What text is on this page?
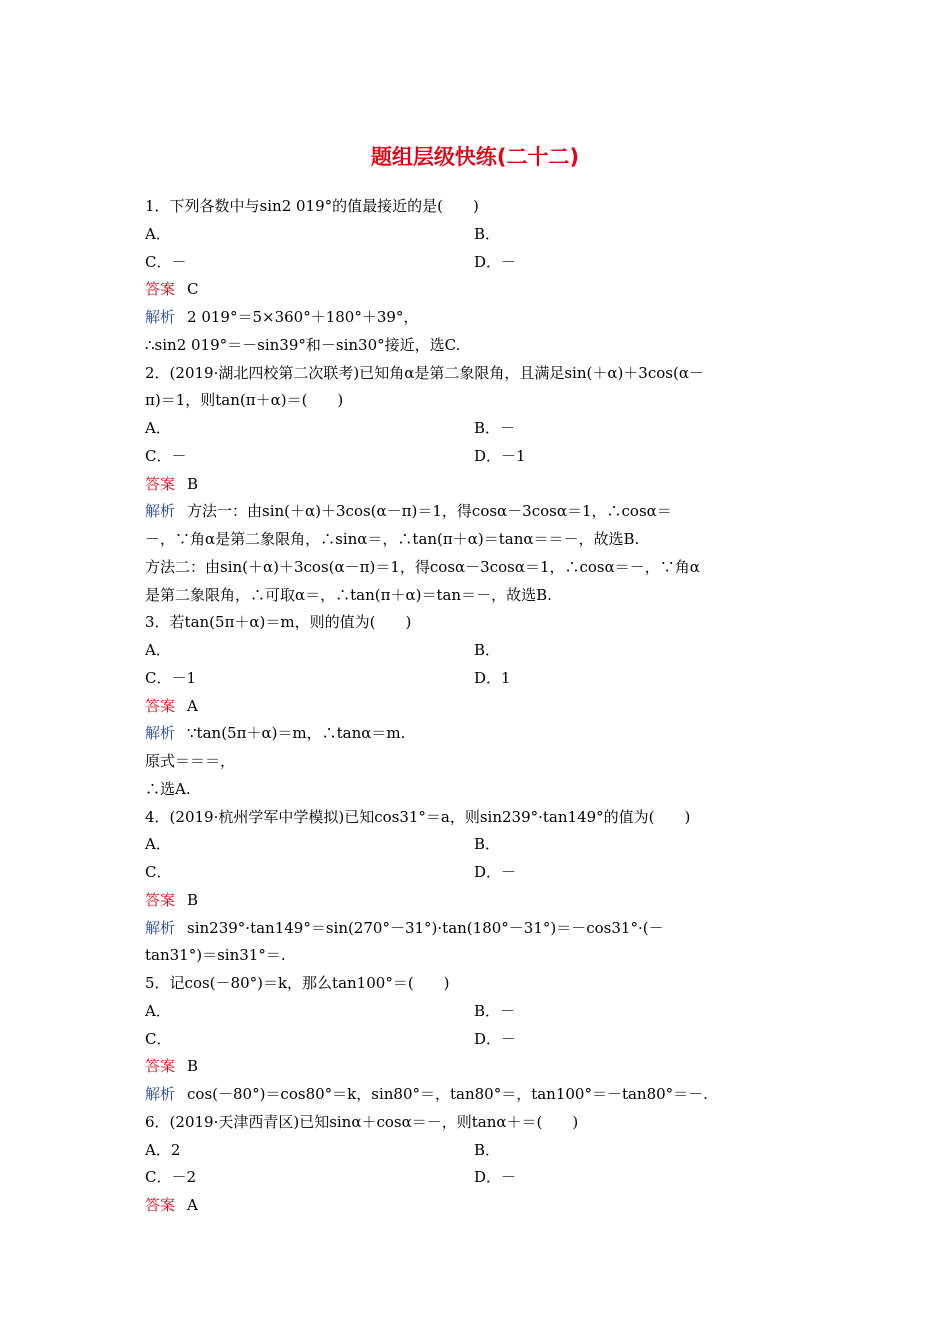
题组层级快练(二十二)
1．下列各数中与sin2 019°的值最接近的是(　　)
A．	B．
C．－	D．－
答案 C
解析 2 019°＝5×360°＋180°＋39°，
∴sin2 019°＝－sin39°和－sin30°接近，选C.
2．(2019·湖北四校第二次联考)已知角α是第二象限角，且满足sin(＋α)＋3cos(α－
π)＝1，则tan(π＋α)＝(　　)
A．	B．－
C．－	D．－1
答案 B
解析 方法一：由sin(＋α)＋3cos(α－π)＝1，得cosα－3cosα＝1，∴cosα＝
－，∵角α是第二象限角，∴sinα＝，∴tan(π＋α)＝tanα＝＝－，故选B.
方法二：由sin(＋α)＋3cos(α－π)＝1，得cosα－3cosα＝1，∴cosα＝－，∵角α
是第二象限角，∴可取α＝，∴tan(π＋α)＝tan＝－，故选B.
3．若tan(5π＋α)＝m，则的值为(　　)
A．	B．
C．－1	D．1
答案 A
解析 ∵tan(5π＋α)＝m，∴tanα＝m.
原式＝＝＝，
∴选A.
4．(2019·杭州学军中学模拟)已知cos31°＝a，则sin239°·tan149°的值为(　　)
A．	B．
C．	D．－
答案 B
解析 sin239°·tan149°＝sin(270°－31°)·tan(180°－31°)＝－cos31°·(－
tan31°)＝sin31°＝.
5．记cos(－80°)＝k，那么tan100°＝(　　)
A．	B．－
C．	D．－
答案 B
解析 cos(－80°)＝cos80°＝k，sin80°＝，tan80°＝，tan100°＝－tan80°＝－.
6．(2019·天津西青区)已知sinα＋cosα＝－，则tanα＋＝(　　)
A．2	B．
C．－2	D．－
答案 A
